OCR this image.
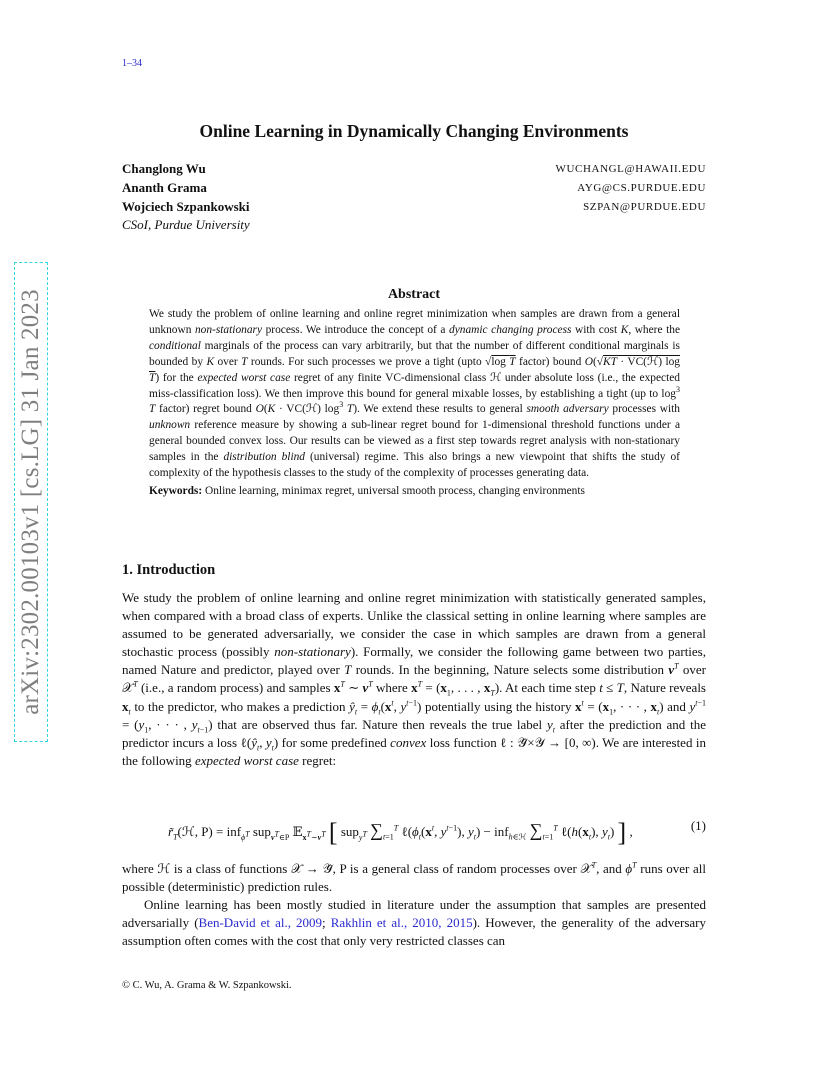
1–34
arXiv:2302.00103v1 [cs.LG] 31 Jan 2023
Online Learning in Dynamically Changing Environments
Changlong Wu	WUCHANGL@HAWAII.EDU
Ananth Grama	AYG@CS.PURDUE.EDU
Wojciech Szpankowski	SZPAN@PURDUE.EDU
CSoI, Purdue University
Abstract

We study the problem of online learning and online regret minimization when samples are drawn from a general unknown non-stationary process. We introduce the concept of a dynamic changing process with cost K, where the conditional marginals of the process can vary arbitrarily, but that the number of different conditional marginals is bounded by K over T rounds. For such processes we prove a tight (upto √log T factor) bound O(√KT · VC(ℋ) log T) for the expected worst case regret of any finite VC-dimensional class ℋ under absolute loss (i.e., the expected miss-classification loss). We then improve this bound for general mixable losses, by establishing a tight (up to $\log^3 T$ factor) regret bound O(K · VC(ℋ) $\log^3 T$). We extend these results to general smooth adversary processes with unknown reference measure by showing a sub-linear regret bound for 1-dimensional threshold functions under a general bounded convex loss. Our results can be viewed as a first step towards regret analysis with non-stationary samples in the distribution blind (universal) regime. This also brings a new viewpoint that shifts the study of complexity of the hypothesis classes to the study of the complexity of processes generating data.

Keywords: Online learning, minimax regret, universal smooth process, changing environments

1. Introduction

We study the problem of online learning and online regret minimization with statistically generated samples, when compared with a broad class of experts. Unlike the classical setting in online learning where samples are assumed to be generated adversarially, we consider the case in which samples are drawn from a general stochastic process (possibly non-stationary). Formally, we consider the following game between two parties, named Nature and predictor, played over T rounds. In the beginning, Nature selects some distribution $\nu^T$ over 𝒳$^T$ (i.e., a random process) and samples $x^T$ ∼ $\nu^T$ where $x^T = (x_1$, . . . , $x_T$). At each time step t ≤ T, Nature reveals $x_t$ to the predictor, who makes a prediction $ŷ_t = \phi_t(x^t$, $y^{t-1}$) potentially using the history $x^t = (x_1$, · · · , $x_t$) and $y^{t-1} = (y_1$, · · · , $y_{t-1}$) that are observed thus far. Nature then reveals the true label $y_t$ after the prediction and the predictor incurs a loss $\ell(ŷ_t$, $y_t$) for some predefined convex loss function ℓ : 𝒴̂×𝒴 → [0, ∞). We are interested in the following expected worst case regret:

$r̃_T(ℋ$, P) = inf$_{\phi^T}$ sup$_{\nu^T\in P}$ 𝔼$_{x^T\sim\nu^T}$ [ sup$_{y^T}$ $\sum_{t=1}^T$ $\ell(\phi_t(x^t$, $y^{t-1}$), $y_t) - inf_{h\in ℋ}$ $\sum_{t=1}^T$ $\ell(h(x_t)$, $y_t$) ] ,	(1)

where ℋ is a class of functions 𝒳 → 𝒴̂, P is a general class of random processes over 𝒳$^T$, and $\phi^T$ runs over all possible (deterministic) prediction rules.

Online learning has been mostly studied in literature under the assumption that samples are presented adversarially (Ben-David et al., 2009; Rakhlin et al., 2010, 2015). However, the generality of the adversary assumption often comes with the cost that only very restricted classes can

© C. Wu, A. Grama & W. Szpankowski.
